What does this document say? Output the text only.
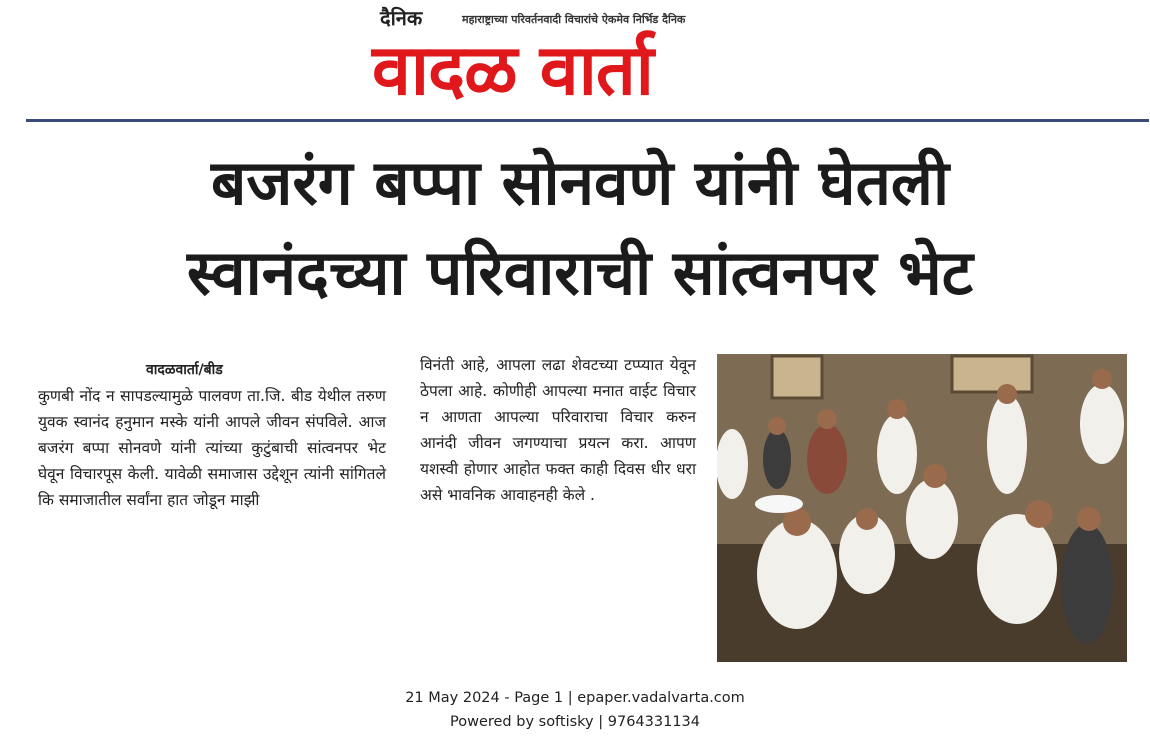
दैनिक	महाराष्ट्राच्या परिवर्तनवादी विचारांचे ऐकमेव निर्भिड दैनिक
वादळ वार्ता
बजरंग बप्पा सोनवणे यांनी घेतली
स्वानंदच्या परिवाराची सांत्वनपर भेट
वादळवार्ता/बीड
कुणबी नोंद न सापडल्यामुळे पालवण ता.जि. बीड येथील तरुण युवक स्वानंद हनुमान मस्के यांनी आपले जीवन संपविले. आज बजरंग बप्पा सोनवणे यांनी त्यांच्या कुटुंबाची सांत्वनपर भेट घेवून विचारपूस केली. यावेळी समाजास उद्देशून त्यांनी सांगितले कि समाजातील सर्वांना हात जोडून माझी
विनंती आहे, आपला लढा शेवटच्या टप्प्यात येवून ठेपला आहे. कोणीही आपल्या मनात वाईट विचार न आणता आपल्या परिवाराचा विचार करुन आनंदी जीवन जगण्याचा प्रयत्न करा. आपण यशस्वी होणार आहोत फक्त काही दिवस धीर धरा असे भावनिक आवाहनही केले .
21 May 2024 - Page 1 | epaper.vadalvarta.com
Powered by softisky | 9764331134
